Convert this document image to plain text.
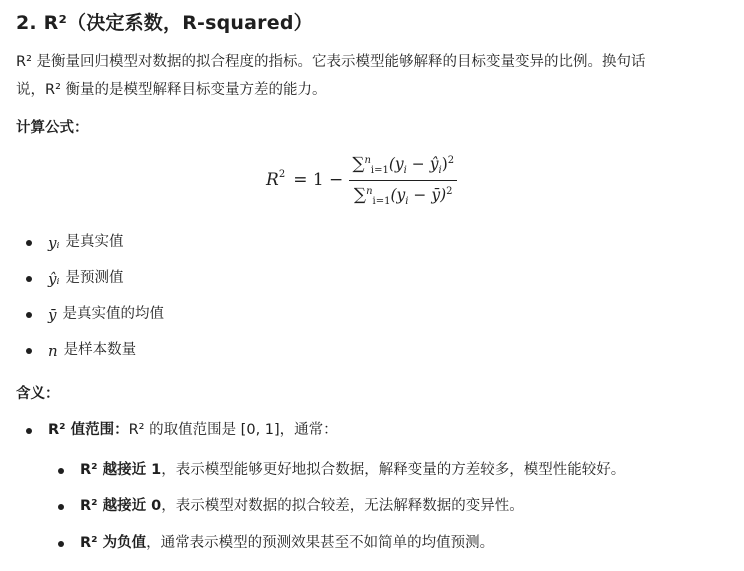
2. R²（决定系数，R-squared）
R² 是衡量回归模型对数据的拟合程度的指标。它表示模型能够解释的目标变量变异的比例。换句话
说，R² 衡量的是模型解释目标变量方差的能力。
计算公式：
$R^2 = 1 - \frac{\sum^n_{i=1}(y_i - ŷ_i)^2}{\sum^n_{i=1}(y_i - ȳ)^2}$
yᵢ 是真实值
ŷᵢ 是预测值
ȳ 是真实值的均值
n 是样本数量
含义：
R² 值范围： R² 的取值范围是 [0, 1]，通常：
R² 越接近 1 ，表示模型能够更好地拟合数据，解释变量的方差较多，模型性能较好。
R² 越接近 0 ，表示模型对数据的拟合较差，无法解释数据的变异性。
R² 为负值 ，通常表示模型的预测效果甚至不如简单的均值预测。
